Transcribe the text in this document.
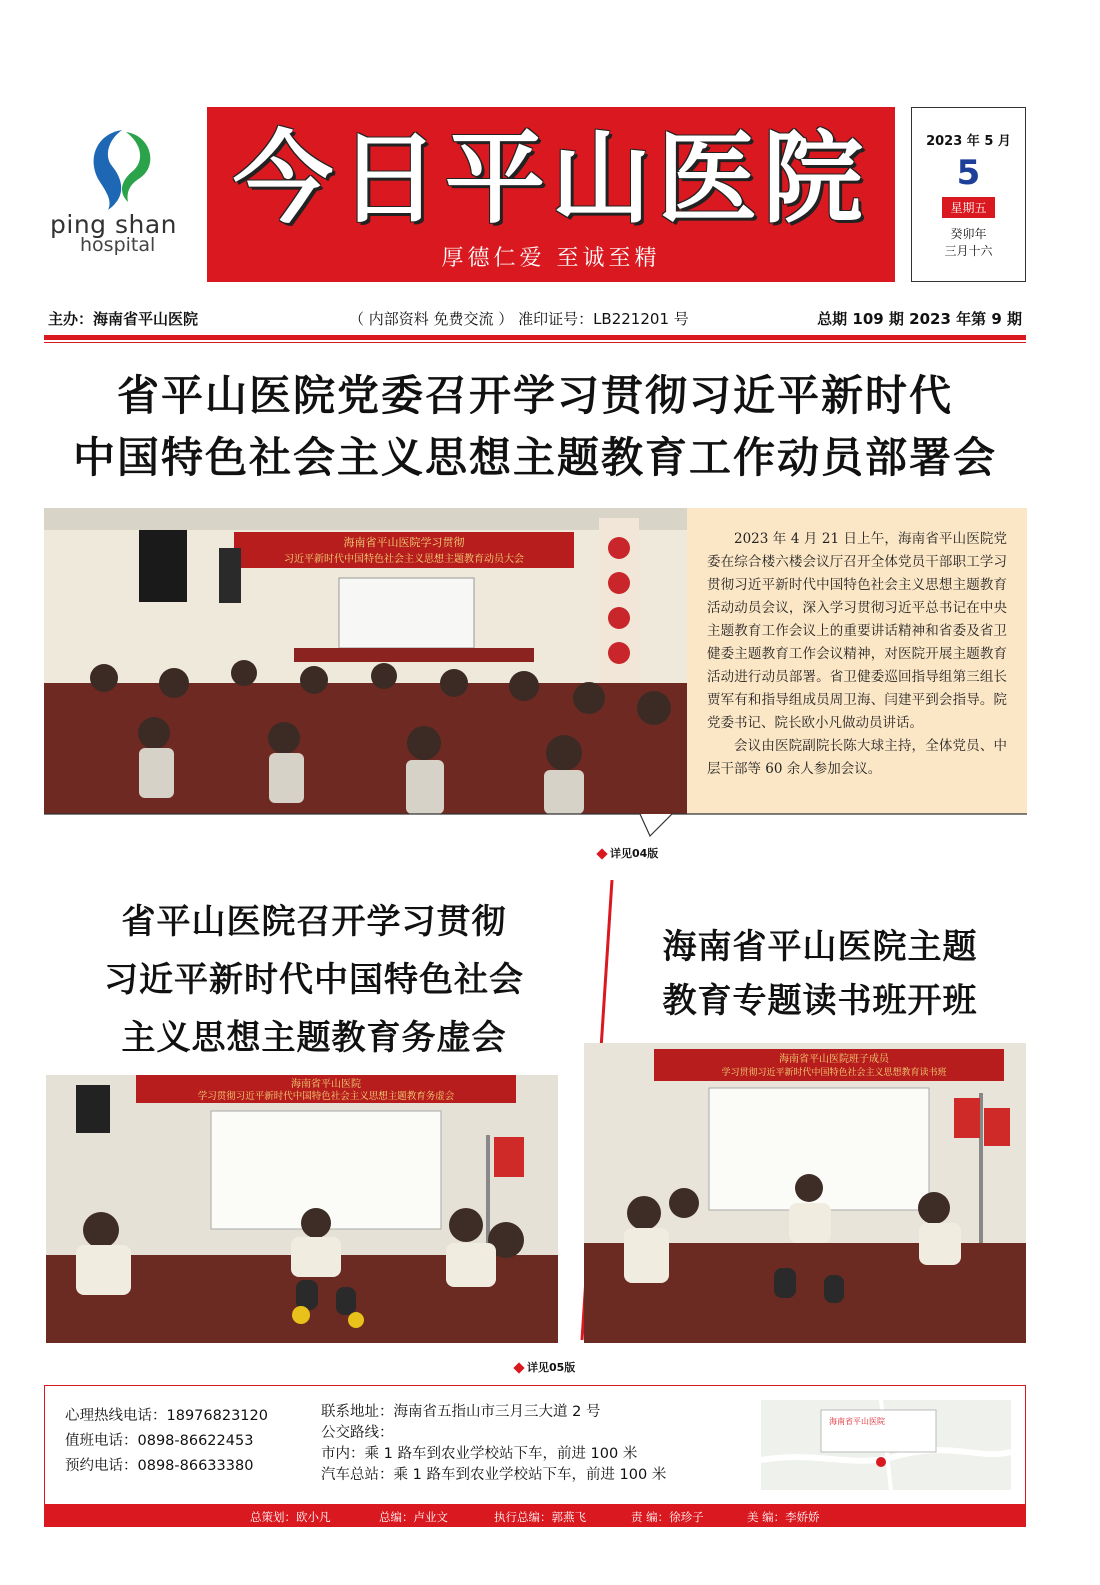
ping shan
hospital
今日平山医院
厚德仁爱 至诚至精
2023 年 5 月
5
星期五
癸卯年
三月十六
主办：海南省平山医院	（ 内部资料 免费交流 ） 准印证号：LB221201 号	总期 109 期 2023 年第 9 期
省平山医院党委召开学习贯彻习近平新时代
中国特色社会主义思想主题教育工作动员部署会
海南省平山医院学习贯彻
习近平新时代中国特色社会主义思想主题教育动员大会

2023 年 4 月 21 日上午，海南省平山医院党委在综合楼六楼会议厅召开全体党员干部职工学习贯彻习近平新时代中国特色社会主义思想主题教育活动动员会议，深入学习贯彻习近平总书记在中央主题教育工作会议上的重要讲话精神和省委及省卫健委主题教育工作会议精神，对医院开展主题教育活动进行动员部署。省卫健委巡回指导组第三组长贾军有和指导组成员周卫海、闫建平到会指导。院党委书记、院长欧小凡做动员讲话。

会议由医院副院长陈大球主持，全体党员、中层干部等 60 余人参加会议。

详见04版
省平山医院召开学习贯彻
习近平新时代中国特色社会
主义思想主题教育务虚会
海南省平山医院
学习贯彻习近平新时代中国特色社会主义思想主题教育务虚会
详见05版
海南省平山医院主题
教育专题读书班开班
海南省平山医院班子成员
学习贯彻习近平新时代中国特色社会主义思想教育读书班
心理热线电话：18976823120
值班电话：0898-86622453
预约电话：0898-86633380
联系地址：海南省五指山市三月三大道 2 号
公交路线：
市内：乘 1 路车到农业学校站下车，前进 100 米
汽车总站：乘 1 路车到农业学校站下车，前进 100 米
海南省平山医院
总策划：欧小凡	总编：卢业文	执行总编：郭燕飞	责 编：徐珍子	美 编：李娇娇
